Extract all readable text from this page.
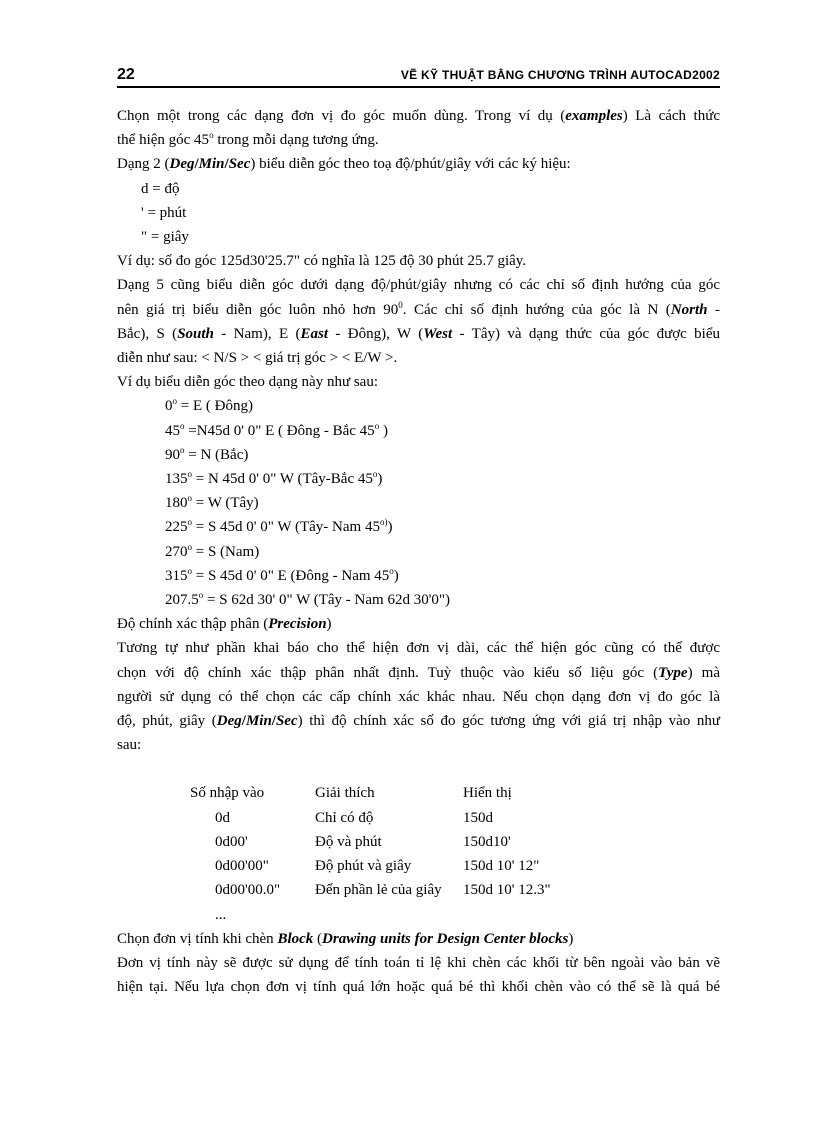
22	VẼ KỸ THUẬT BẰNG CHƯƠNG TRÌNH AUTOCAD2002

Chọn một trong các dạng đơn vị đo góc muốn dùng. Trong ví dụ (examples) Là cách thức

thể hiện góc 45$^o$ trong mỗi dạng tương ứng.

Dạng 2 (Deg/Min/Sec) biểu diễn góc theo toạ độ/phút/giây với các ký hiệu:

d = độ

' = phút

" = giây

Ví dụ: số đo góc 125d30'25.7" có nghĩa là 125 độ 30 phút 25.7 giây.

Dạng 5 cũng biểu diễn góc dưới dạng độ/phút/giây nhưng có các chỉ số định hướng của góc

nên giá trị biểu diễn góc luôn nhỏ hơn $90^0$. Các chỉ số định hướng của góc là N (North -

Bắc), S (South - Nam), E (East - Đông), W (West - Tây) và dạng thức của góc được biểu

diễn như sau: < N/S > < giá trị góc > < E/W >.

Ví dụ biểu diễn góc theo dạng này như sau:

$0^o = E$ ( Đông)

$45^o =N45d$ 0' 0" E ( Đông - Bắc 45$^o$ )

$90^o = N$ (Bắc)

$135^o = N$ 45d 0' 0" W (Tây-Bắc 45$^o$)

$180^o = W$ (Tây)

$225^o = S$ 45d 0' 0" W (Tây- Nam 45$^{o)}$)

$270^o = S$ (Nam)

$315^o = S$ 45d 0' 0" E (Đông - Nam 45$^o$)

$207.5^o = S$ 62d 30' 0" W (Tây - Nam 62d 30'0")

Độ chính xác thập phân (Precision)

Tương tự như phần khai báo cho thể hiện đơn vị dài, các thể hiện góc cũng có thể được

chọn với độ chính xác thập phân nhất định. Tuỳ thuộc vào kiểu số liệu góc (Type) mà

người sử dụng có thể chọn các cấp chính xác khác nhau. Nếu chọn dạng đơn vị đo góc là

độ, phút, giây (Deg/Min/Sec) thì độ chính xác số đo góc tương ứng với giá trị nhập vào như

sau:

Số nhập vào	Giải thích	Hiển thị
0d	Chỉ có độ	150d
0d00'	Độ và phút	150d10'
0d00'00"	Độ phút và giây	150d 10' 12"
0d00'00.0"	Đến phần lẻ của giây	150d 10' 12.3"
...		

Chọn đơn vị tính khi chèn Block (Drawing units for Design Center blocks)

Đơn vị tính này sẽ được sử dụng để tính toán tỉ lệ khi chèn các khối từ bên ngoài vào bản vẽ

hiện tại. Nếu lựa chọn đơn vị tính quá lớn hoặc quá bé thì khối chèn vào có thể sẽ là quá bé
